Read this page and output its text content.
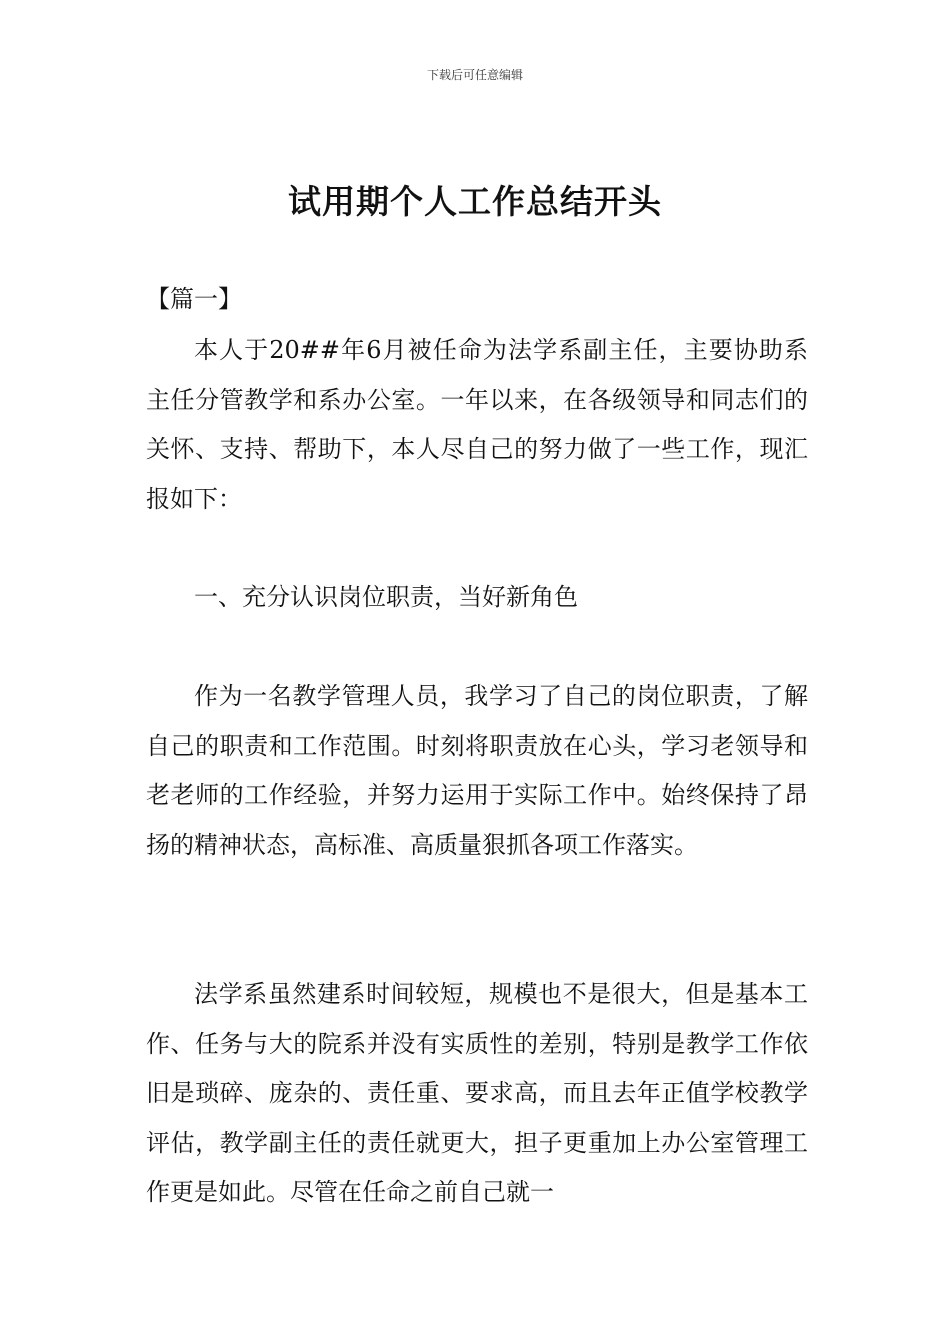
下载后可任意编辑
试用期个人工作总结开头
【篇一】

本人于20##年6月被任命为法学系副主任，主要协助系主任分管教学和系办公室。一年以来，在各级领导和同志们的关怀、支持、帮助下，本人尽自己的努力做了一些工作，现汇报如下：

一、充分认识岗位职责，当好新角色

作为一名教学管理人员，我学习了自己的岗位职责，了解自己的职责和工作范围。时刻将职责放在心头，学习老领导和老老师的工作经验，并努力运用于实际工作中。始终保持了昂扬的精神状态，高标准、高质量狠抓各项工作落实。

法学系虽然建系时间较短，规模也不是很大，但是基本工作、任务与大的院系并没有实质性的差别，特别是教学工作依旧是琐碎、庞杂的、责任重、要求高，而且去年正值学校教学评估，教学副主任的责任就更大，担子更重加上办公室管理工作更是如此。尽管在任命之前自己就一
